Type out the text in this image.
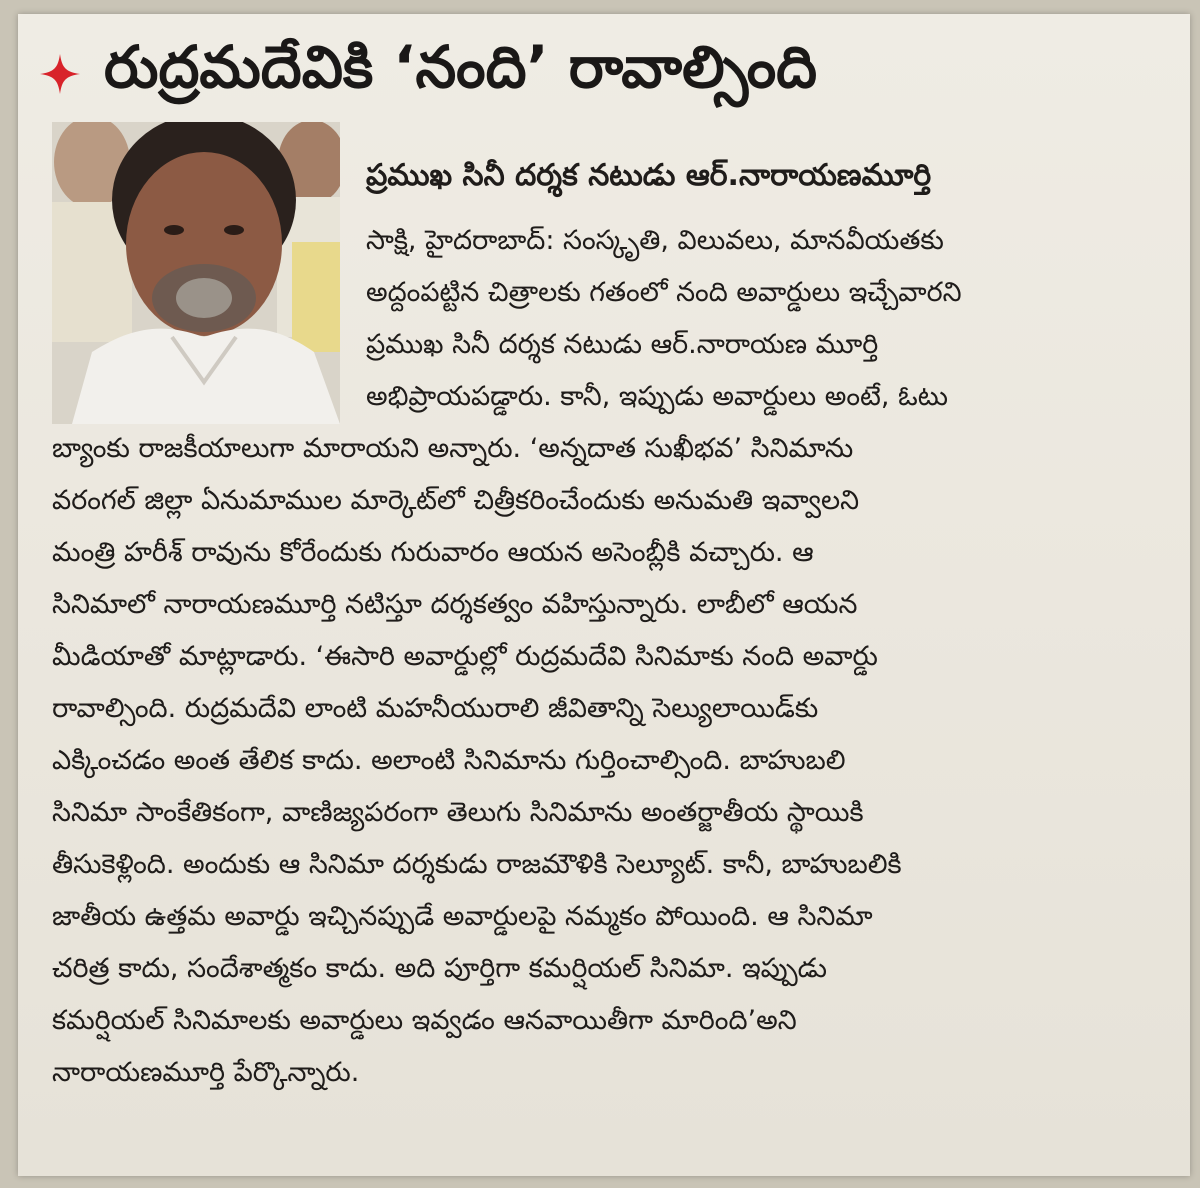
రుద్రమదేవికి ‘నంది’ రావాల్సింది
ప్రముఖ సినీ దర్శక నటుడు ఆర్.నారాయణమూర్తి
సాక్షి, హైదరాబాద్: సంస్కృతి, విలువలు, మానవీయతకు
అద్దంపట్టిన చిత్రాలకు గతంలో నంది అవార్డులు ఇచ్చేవారని
ప్రముఖ సినీ దర్శక నటుడు ఆర్.నారాయణ మూర్తి
అభిప్రాయపడ్డారు. కానీ, ఇప్పుడు అవార్డులు అంటే, ఓటు
బ్యాంకు రాజకీయాలుగా మారాయని అన్నారు. ‘అన్నదాత సుఖీభవ’ సినిమాను
వరంగల్ జిల్లా ఏనుమాముల మార్కెట్‌లో చిత్రీకరించేందుకు అనుమతి ఇవ్వాలని
మంత్రి హరీశ్ రావును కోరేందుకు గురువారం ఆయన అసెంబ్లీకి వచ్చారు. ఆ
సినిమాలో నారాయణమూర్తి నటిస్తూ దర్శకత్వం వహిస్తున్నారు. లాబీలో ఆయన
మీడియాతో మాట్లాడారు. ‘ఈసారి అవార్డుల్లో రుద్రమదేవి సినిమాకు నంది అవార్డు
రావాల్సింది. రుద్రమదేవి లాంటి మహనీయురాలి జీవితాన్ని సెల్యులాయిడ్‌కు
ఎక్కించడం అంత తేలిక కాదు. అలాంటి సినిమాను గుర్తించాల్సింది. బాహుబలి
సినిమా సాంకేతికంగా, వాణిజ్యపరంగా తెలుగు సినిమాను అంతర్జాతీయ స్థాయికి
తీసుకెళ్లింది. అందుకు ఆ సినిమా దర్శకుడు రాజమౌళికి సెల్యూట్. కానీ, బాహుబలికి
జాతీయ ఉత్తమ అవార్డు ఇచ్చినప్పుడే అవార్డులపై నమ్మకం పోయింది. ఆ సినిమా
చరిత్ర కాదు, సందేశాత్మకం కాదు. అది పూర్తిగా కమర్షియల్ సినిమా. ఇప్పుడు
కమర్షియల్ సినిమాలకు అవార్డులు ఇవ్వడం ఆనవాయితీగా మారింది’అని
నారాయణమూర్తి పేర్కొన్నారు.
